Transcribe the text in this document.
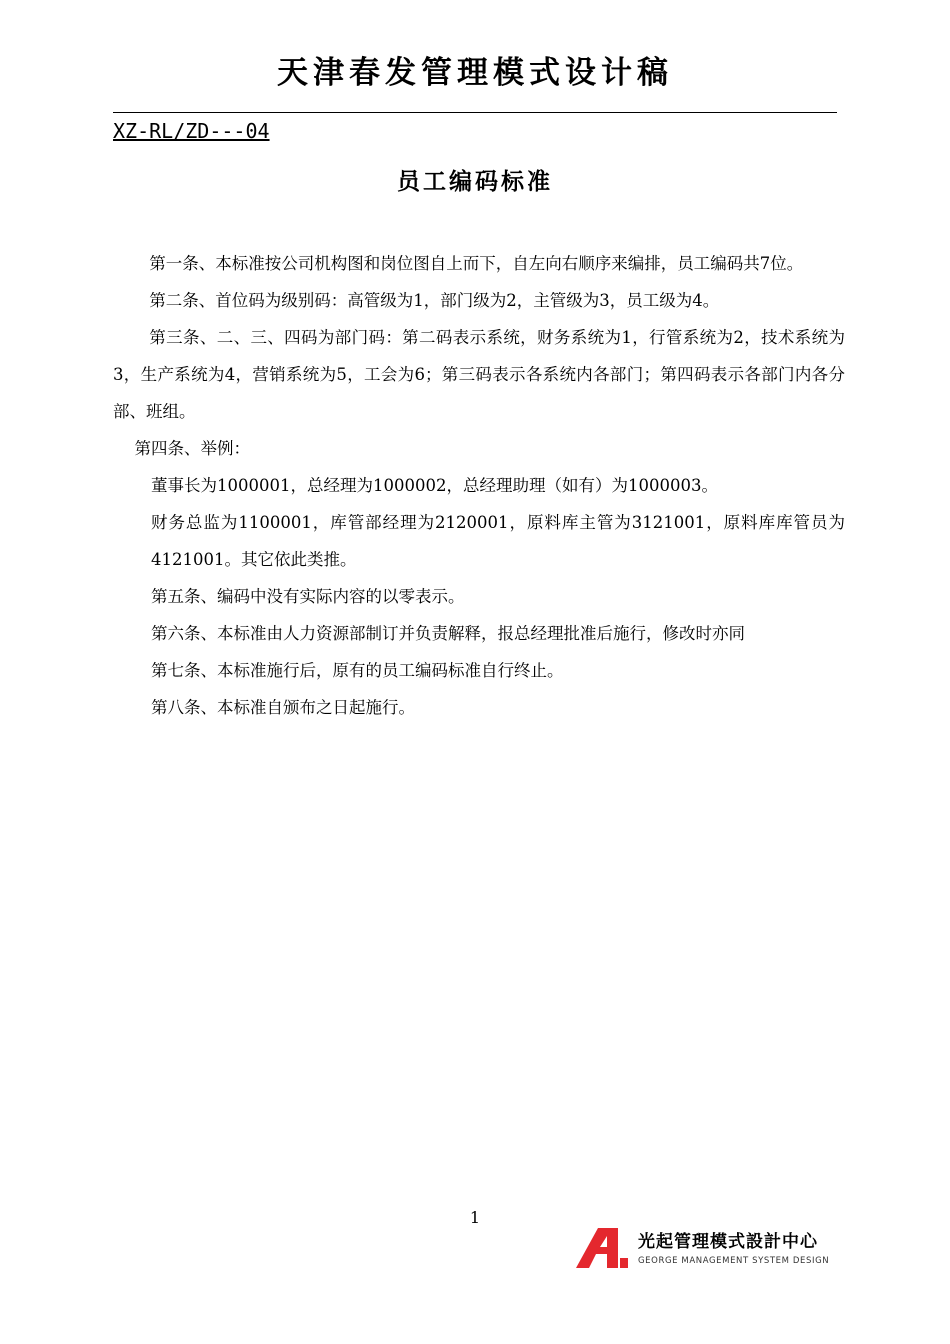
天津春发管理模式设计稿
XZ-RL/ZD---04
员工编码标准

第一条、本标准按公司机构图和岗位图自上而下，自左向右顺序来编排，员工编码共7位。

第二条、首位码为级别码：高管级为1，部门级为2，主管级为3，员工级为4。

第三条、二、三、四码为部门码：第二码表示系统，财务系统为1，行管系统为2，技术系统为3，生产系统为4，营销系统为5，工会为6；第三码表示各系统内各部门；第四码表示各部门内各分部、班组。

第四条、举例：

董事长为1000001，总经理为1000002，总经理助理（如有）为1000003。

财务总监为1100001，库管部经理为2120001，原料库主管为3121001，原料库库管员为4121001。其它依此类推。

第五条、编码中没有实际内容的以零表示。

第六条、本标准由人力资源部制订并负责解释，报总经理批准后施行，修改时亦同

第七条、本标准施行后，原有的员工编码标准自行终止。

第八条、本标准自颁布之日起施行。

1
光起管理模式設計中心
GEORGE MANAGEMENT SYSTEM DESIGN
